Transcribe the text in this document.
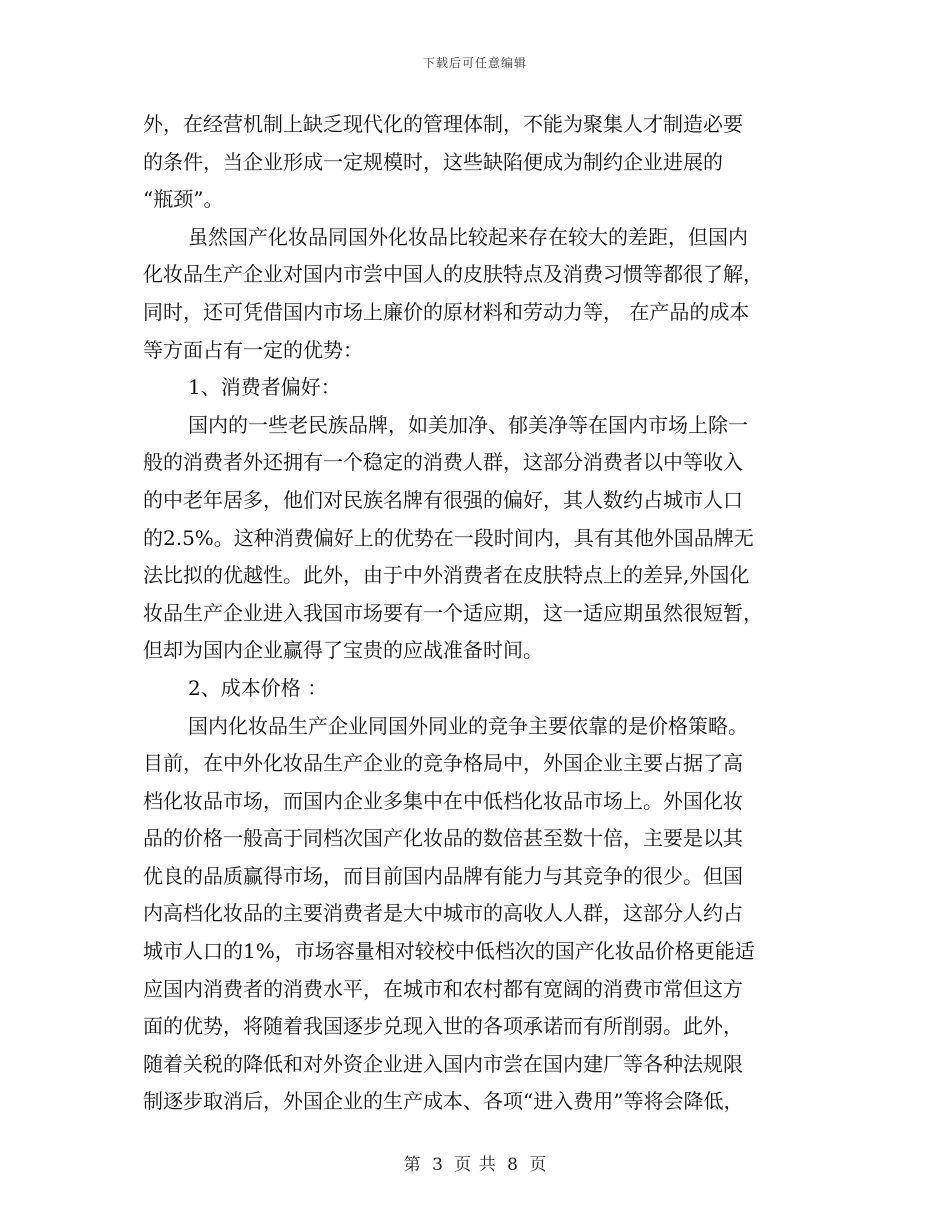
下载后可任意编辑
外，在经营机制上缺乏现代化的管理体制，不能为聚集人才制造必要
的条件，当企业形成一定规模时，这些缺陷便成为制约企业进展的
“瓶颈”。
虽然国产化妆品同国外化妆品比较起来存在较大的差距，但国内
化妆品生产企业对国内市尝中国人的皮肤特点及消费习惯等都很了解，
同时，还可凭借国内市场上廉价的原材料和劳动力等， 在产品的成本
等方面占有一定的优势：
1、消费者偏好：
国内的一些老民族品牌，如美加净、郁美净等在国内市场上除一
般的消费者外还拥有一个稳定的消费人群，这部分消费者以中等收入
的中老年居多，他们对民族名牌有很强的偏好，其人数约占城市人口
的2.5%。这种消费偏好上的优势在一段时间内，具有其他外国品牌无
法比拟的优越性。此外，由于中外消费者在皮肤特点上的差异,外国化
妆品生产企业进入我国市场要有一个适应期，这一适应期虽然很短暂，
但却为国内企业赢得了宝贵的应战准备时间。
2、成本价格 ：
国内化妆品生产企业同国外同业的竞争主要依靠的是价格策略。
目前，在中外化妆品生产企业的竞争格局中，外国企业主要占据了高
档化妆品市场，而国内企业多集中在中低档化妆品市场上。外国化妆
品的价格一般高于同档次国产化妆品的数倍甚至数十倍，主要是以其
优良的品质赢得市场，而目前国内品牌有能力与其竞争的很少。但国
内高档化妆品的主要消费者是大中城市的高收人人群，这部分人约占
城市人口的1%，市场容量相对较校中低档次的国产化妆品价格更能适
应国内消费者的消费水平，在城市和农村都有宽阔的消费市常但这方
面的优势，将随着我国逐步兑现入世的各项承诺而有所削弱。此外，
随着关税的降低和对外资企业进入国内市尝在国内建厂等各种法规限
制逐步取消后，外国企业的生产成本、各项“进入费用”等将会降低，
第 3 页 共 8 页
